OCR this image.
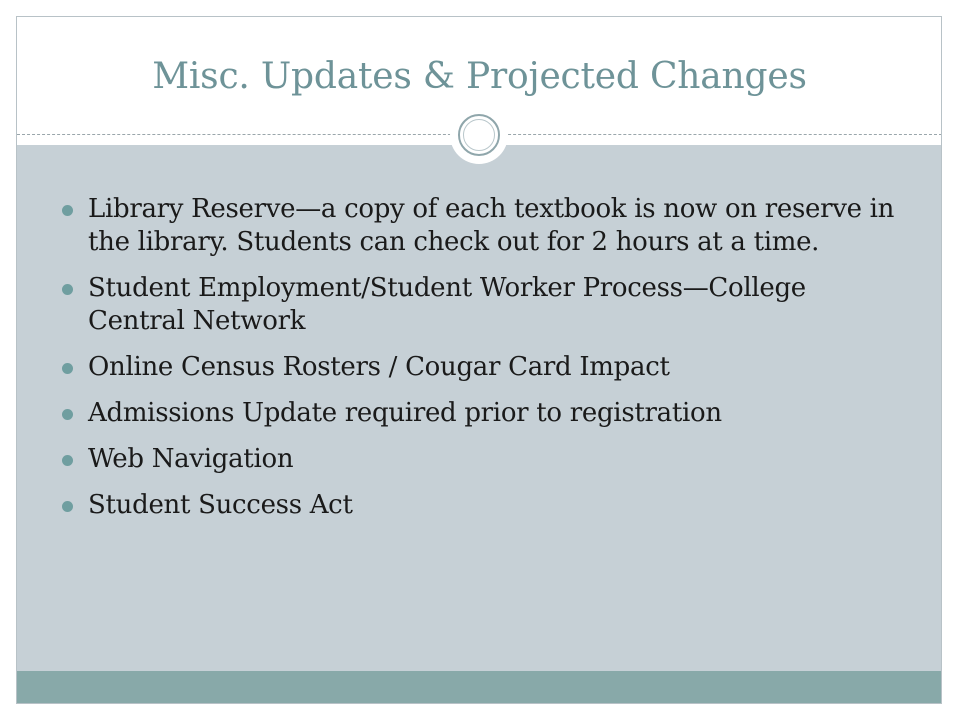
Misc. Updates & Projected Changes
Library Reserve—a copy of each textbook is now on reserve in the library. Students can check out for 2 hours at a time.
Student Employment/Student Worker Process—College Central Network
Online Census Rosters / Cougar Card Impact
Admissions Update required prior to registration
Web Navigation
Student Success Act
